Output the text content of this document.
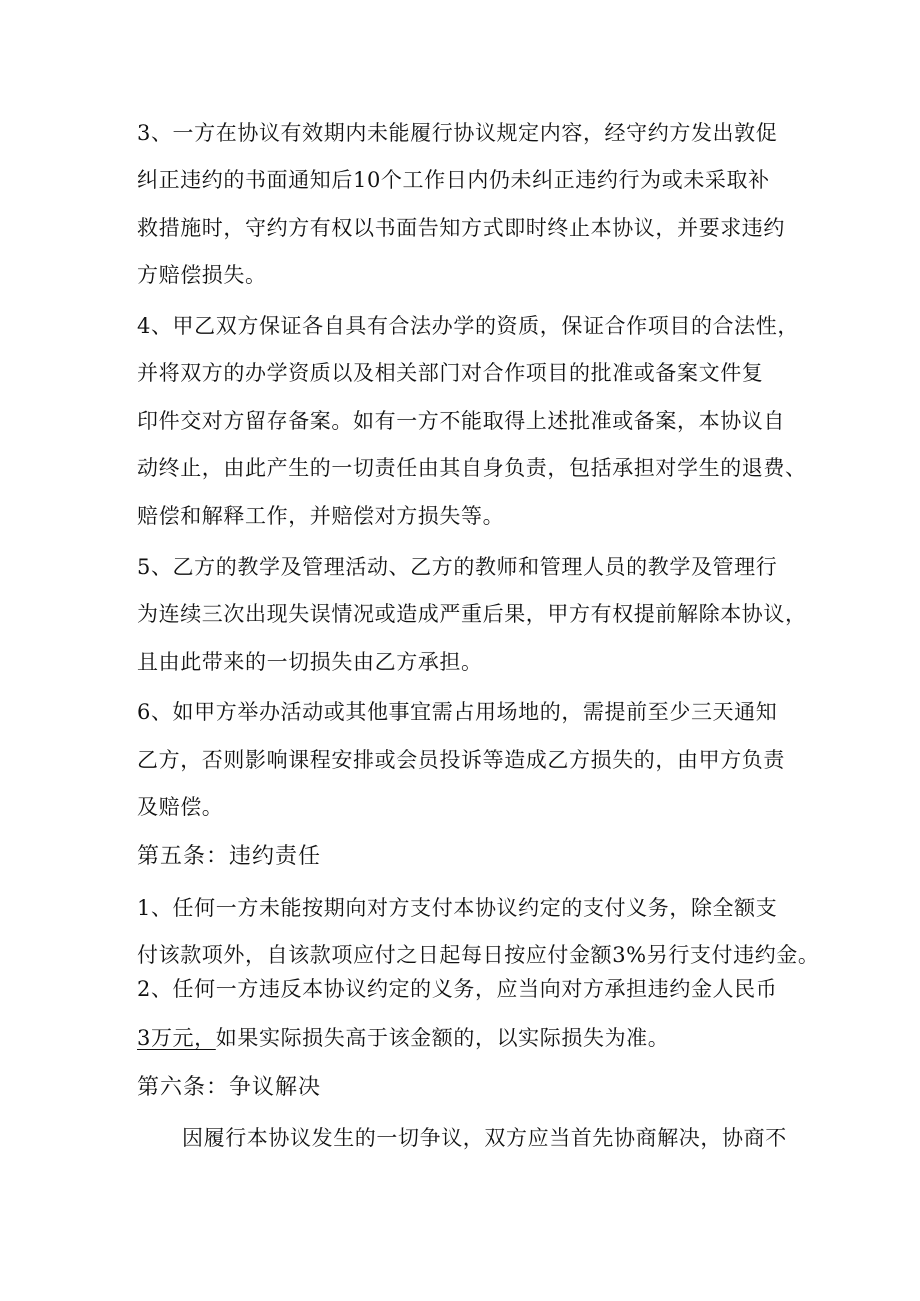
3、一方在协议有效期内未能履行协议规定内容，经守约方发出敦促
纠正违约的书面通知后10个工作日内仍未纠正违约行为或未采取补
救措施时，守约方有权以书面告知方式即时终止本协议，并要求违约
方赔偿损失。
4、甲乙双方保证各自具有合法办学的资质，保证合作项目的合法性，
并将双方的办学资质以及相关部门对合作项目的批准或备案文件复
印件交对方留存备案。如有一方不能取得上述批准或备案，本协议自
动终止，由此产生的一切责任由其自身负责，包括承担对学生的退费、
赔偿和解释工作，并赔偿对方损失等。
5、乙方的教学及管理活动、乙方的教师和管理人员的教学及管理行
为连续三次出现失误情况或造成严重后果，甲方有权提前解除本协议，
且由此带来的一切损失由乙方承担。
6、如甲方举办活动或其他事宜需占用场地的，需提前至少三天通知
乙方，否则影响课程安排或会员投诉等造成乙方损失的，由甲方负责
及赔偿。
第五条：违约责任
1、任何一方未能按期向对方支付本协议约定的支付义务，除全额支
付该款项外，自该款项应付之日起每日按应付金额3%另行支付违约金。
2、任何一方违反本协议约定的义务，应当向对方承担违约金人民币
3万元，如果实际损失高于该金额的，以实际损失为准。
第六条：争议解决
因履行本协议发生的一切争议，双方应当首先协商解决，协商不
